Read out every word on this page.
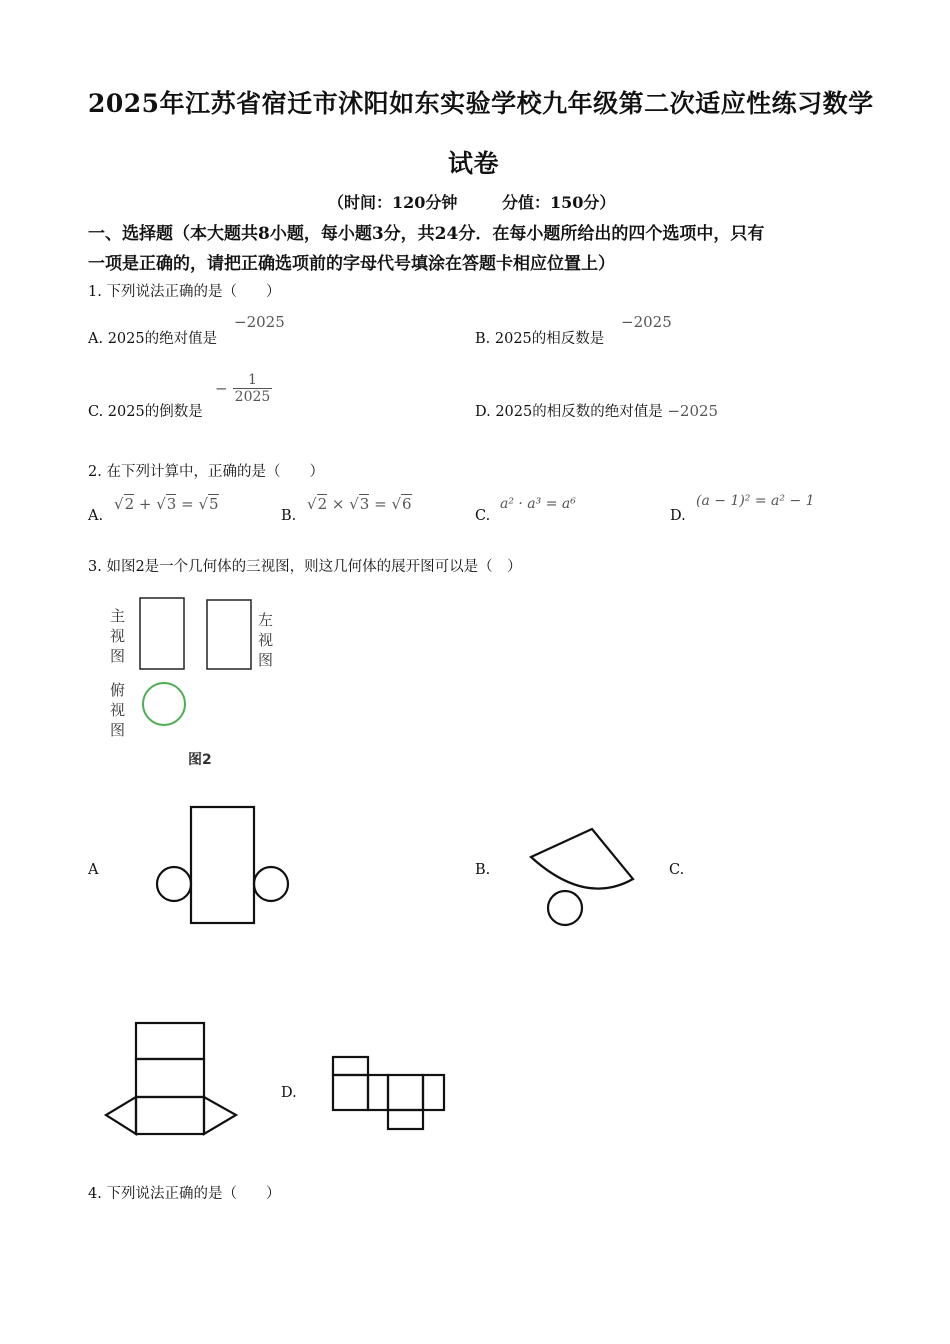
2025年江苏省宿迁市沭阳如东实验学校九年级第二次适应性练习数学
试卷
（时间：120分钟        分值：150分）
一、选择题（本大题共8小题，每小题3分，共24分．在每小题所给出的四个选项中，只有
一项是正确的，请把正确选项前的字母代号填涂在答题卡相应位置上）
1. 下列说法正确的是（　　）
A. 2025的绝对值是
−2025
B. 2025的相反数是
−2025
C. 2025的倒数是
− $\frac{1}{2025}$
D. 2025的相反数的绝对值是 −2025
2. 在下列计算中，正确的是（　　）
A.
√2 + √3 = √5
B.
√2 × √3 = √6
C.
a² · a³ = a⁶
D.
(a − 1)² = a² − 1
3. 如图2是一个几何体的三视图，则这几何体的展开图可以是（　）
主视图
左视图
俯视图
图2
A	B.	C.
D.
4. 下列说法正确的是（　　）
